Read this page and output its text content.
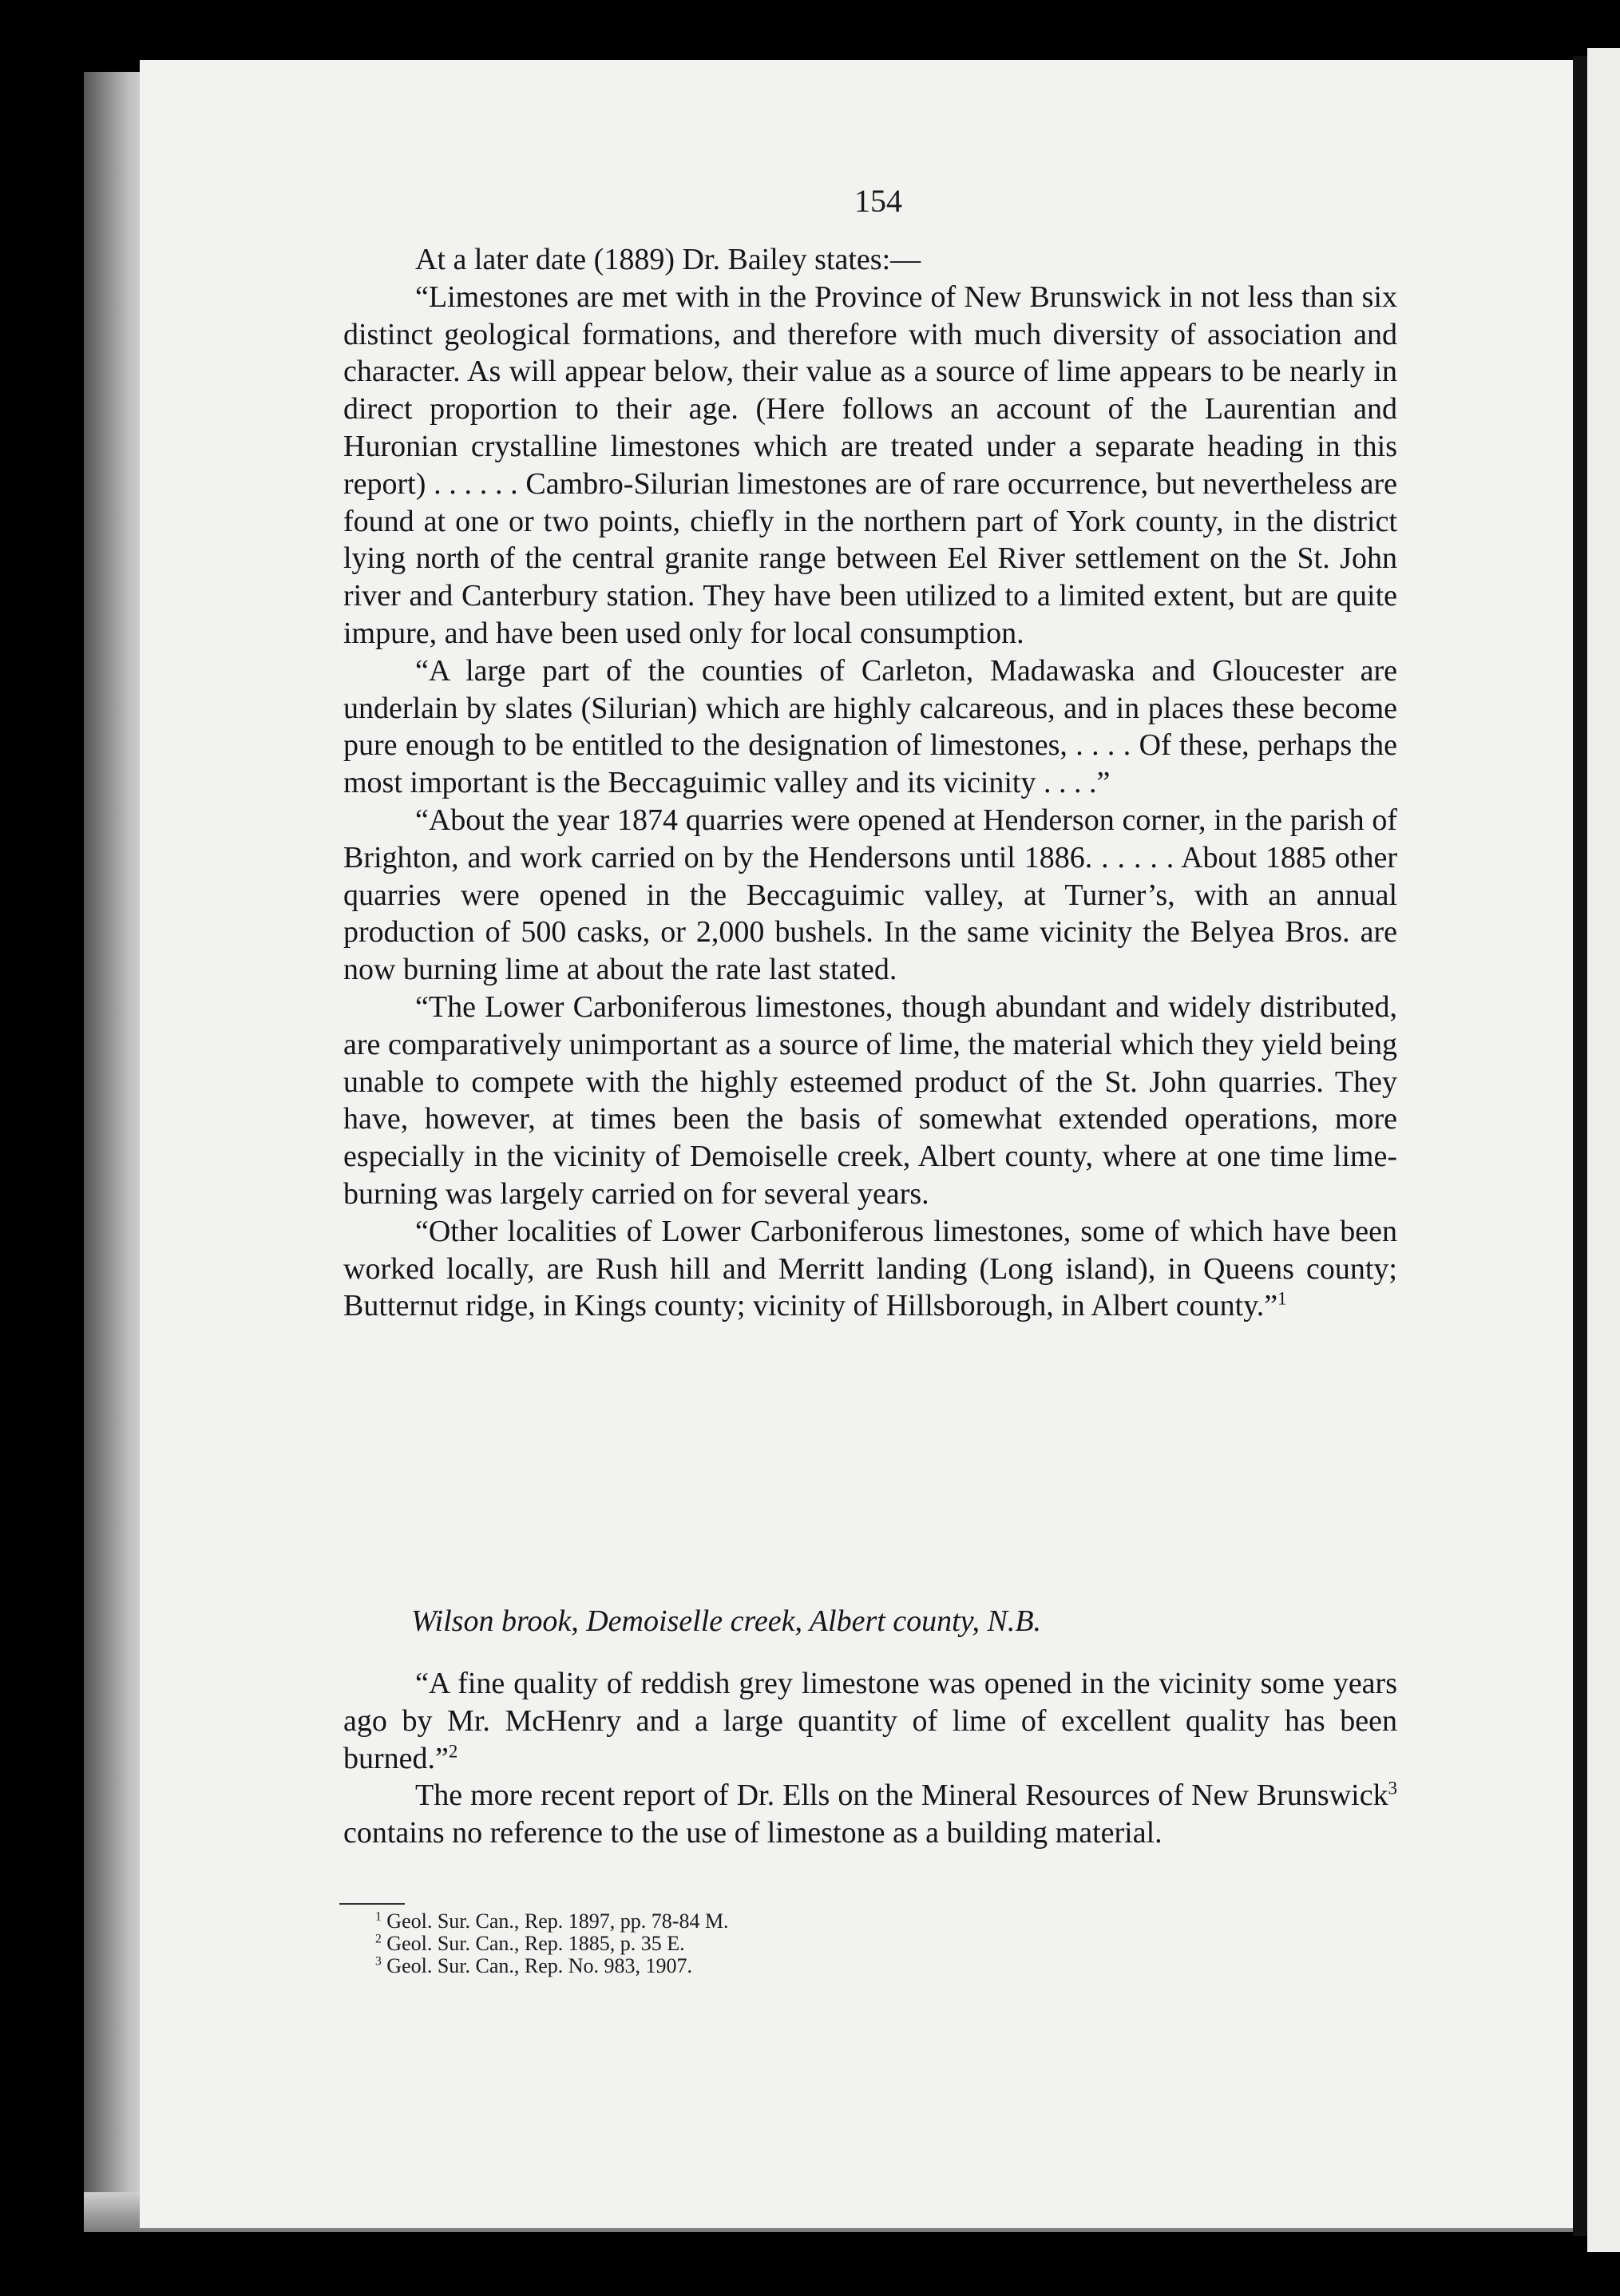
154

At a later date (1889) Dr. Bailey states:—

“Limestones are met with in the Province of New Brunswick in not less than six distinct geological formations, and therefore with much diversity of association and character. As will appear below, their value as a source of lime appears to be nearly in direct proportion to their age. (Here follows an account of the Laurentian and Huronian crystalline limestones which are treated under a separate heading in this report) . . . . . . Cambro-Silurian limestones are of rare occurrence, but nevertheless are found at one or two points, chiefly in the northern part of York county, in the district lying north of the central granite range between Eel River settlement on the St. John river and Canterbury station. They have been utilized to a limited extent, but are quite impure, and have been used only for local consumption.

“A large part of the counties of Carleton, Madawaska and Gloucester are underlain by slates (Silurian) which are highly calcareous, and in places these become pure enough to be entitled to the designation of limestones, . . . . Of these, perhaps the most important is the Beccaguimic valley and its vicinity . . . .”

“About the year 1874 quarries were opened at Henderson corner, in the parish of Brighton, and work carried on by the Hendersons until 1886. . . . . . About 1885 other quarries were opened in the Beccaguimic valley, at Turner’s, with an annual production of 500 casks, or 2,000 bushels. In the same vicinity the Belyea Bros. are now burning lime at about the rate last stated.

“The Lower Carboniferous limestones, though abundant and widely distributed, are comparatively unimportant as a source of lime, the material which they yield being unable to compete with the highly esteemed product of the St. John quarries. They have, however, at times been the basis of somewhat extended operations, more especially in the vicinity of Demoiselle creek, Albert county, where at one time lime-burning was largely carried on for several years.

“Other localities of Lower Carboniferous limestones, some of which have been worked locally, are Rush hill and Merritt landing (Long island), in Queens county; Butternut ridge, in Kings county; vicinity of Hillsborough, in Albert county.”$^1$

Wilson brook, Demoiselle creek, Albert county, N.B.

“A fine quality of reddish grey limestone was opened in the vicinity some years ago by Mr. McHenry and a large quantity of lime of excellent quality has been burned.”$^2$

The more recent report of Dr. Ells on the Mineral Resources of New Brunswick$^3$ contains no reference to the use of limestone as a building material.

$^1$ Geol. Sur. Can., Rep. 1897, pp. 78-84 M.
$^2$ Geol. Sur. Can., Rep. 1885, p. 35 E.
$^3$ Geol. Sur. Can., Rep. No. 983, 1907.
